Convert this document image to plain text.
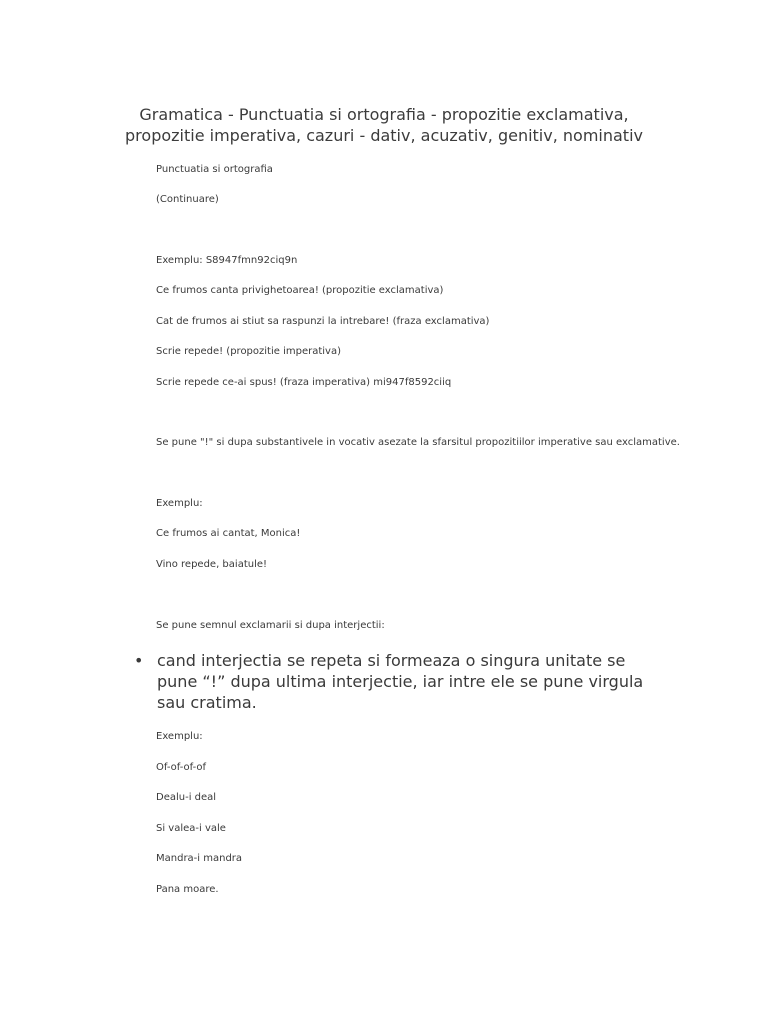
Gramatica - Punctuatia si ortografia - propozitie exclamativa, propozitie imperativa, cazuri - dativ, acuzativ, genitiv, nominativ

Punctuatia si ortografia

(Continuare)

Exemplu: S8947fmn92ciq9n

Ce frumos canta privighetoarea! (propozitie exclamativa)

Cat de frumos ai stiut sa raspunzi la intrebare! (fraza exclamativa)

Scrie repede! (propozitie imperativa)

Scrie repede ce-ai spus! (fraza imperativa) mi947f8592ciiq

Se pune "!" si dupa substantivele in vocativ asezate la sfarsitul propozitiilor imperative sau exclamative.

Exemplu:

Ce frumos ai cantat, Monica!

Vino repede, baiatule!

Se pune semnul exclamarii si dupa interjectii:

• cand interjectia se repeta si formeaza o singura unitate se pune “!” dupa ultima interjectie, iar intre ele se pune virgula sau cratima.

Exemplu:

Of-of-of-of

Dealu-i deal

Si valea-i vale

Mandra-i mandra

Pana moare.
